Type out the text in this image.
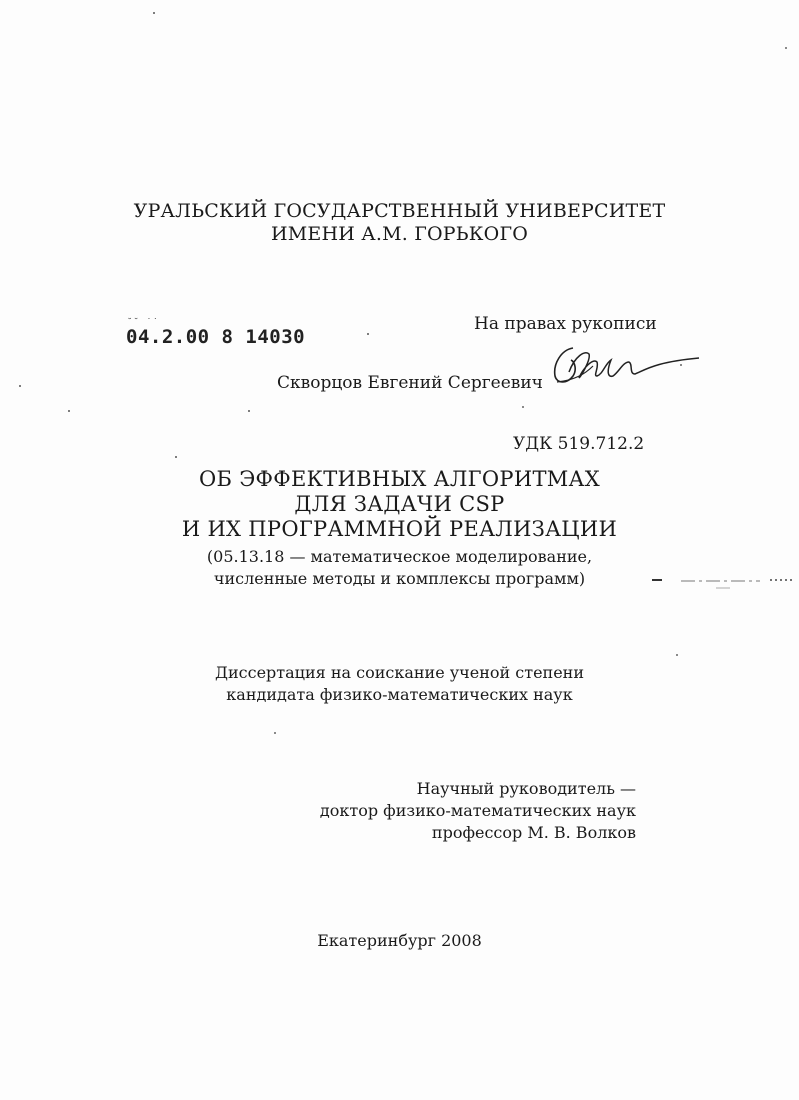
УРАЛЬСКИЙ ГОСУДАРСТВЕННЫЙ УНИВЕРСИТЕТ
ИМЕНИ А.М. ГОРЬКОГО
˘˘ ˙˙
04.2.00 8 14030
На правах рукописи
Скворцов Евгений Сергеевич
УДК 519.712.2
ОБ ЭФФЕКТИВНЫХ АЛГОРИТМАХ
ДЛЯ ЗАДАЧИ CSP
И ИХ ПРОГРАММНОЙ РЕАЛИЗАЦИИ
(05.13.18 — математическое моделирование,
численные методы и комплексы программ)
Диссертация на соискание ученой степени
кандидата физико-математических наук
Научный руководитель —
доктор физико-математических наук
профессор М. В. Волков
Екатеринбург 2008
